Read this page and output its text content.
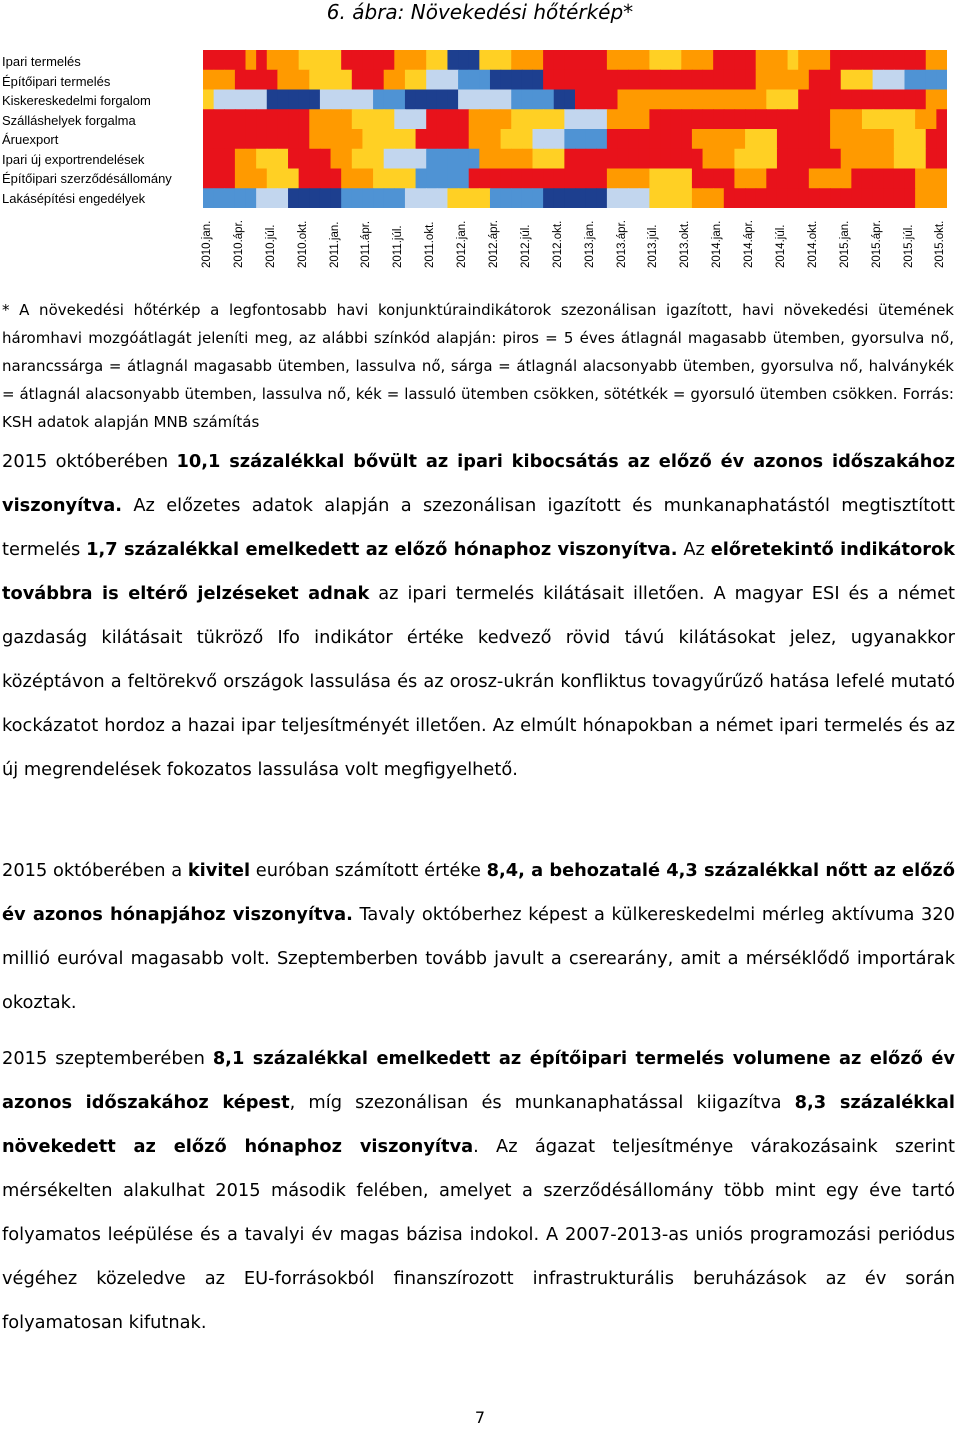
6. ábra: Növekedési hőtérkép*
Ipari termelés
Építőipari termelés
Kiskereskedelmi forgalom
Szálláshelyek forgalma
Áruexport
Ipari új exportrendelések
Építőipari szerződésállomány
Lakásépítési engedélyek
2010.jan. 2010.ápr. 2010.júl. 2010.okt. 2011.jan. 2011.ápr. 2011.júl. 2011.okt. 2012.jan. 2012.ápr. 2012.júl. 2012.okt. 2013.jan. 2013.ápr. 2013.júl. 2013.okt. 2014.jan. 2014.ápr. 2014.júl. 2014.okt. 2015.jan. 2015.ápr. 2015.júl. 2015.okt.
* A növekedési hőtérkép a legfontosabb havi konjunktúraindikátorok szezonálisan igazított, havi növekedési ütemének háromhavi mozgóátlagát jeleníti meg, az alábbi színkód alapján: piros = 5 éves átlagnál magasabb ütemben, gyorsulva nő, narancssárga = átlagnál magasabb ütemben, lassulva nő, sárga = átlagnál alacsonyabb ütemben, gyorsulva nő, halványkék = átlagnál alacsonyabb ütemben, lassulva nő, kék = lassuló ütemben csökken, sötétkék = gyorsuló ütemben csökken. Forrás: KSH adatok alapján MNB számítás
2015 októberében 10,1 százalékkal bővült az ipari kibocsátás az előző év azonos időszakához viszonyítva. Az előzetes adatok alapján a szezonálisan igazított és munkanaphatástól megtisztított termelés 1,7 százalékkal emelkedett az előző hónaphoz viszonyítva. Az előretekintő indikátorok továbbra is eltérő jelzéseket adnak az ipari termelés kilátásait illetően. A magyar ESI és a német gazdaság kilátásait tükröző Ifo indikátor értéke kedvező rövid távú kilátásokat jelez, ugyanakkor középtávon a feltörekvő országok lassulása és az orosz-ukrán konfliktus tovagyűrűző hatása lefelé mutató kockázatot hordoz a hazai ipar teljesítményét illetően. Az elmúlt hónapokban a német ipari termelés és az új megrendelések fokozatos lassulása volt megfigyelhető.
2015 októberében a kivitel euróban számított értéke 8,4, a behozatalé 4,3 százalékkal nőtt az előző év azonos hónapjához viszonyítva. Tavaly októberhez képest a külkereskedelmi mérleg aktívuma 320 millió euróval magasabb volt. Szeptemberben tovább javult a cserearány, amit a mérséklődő importárak okoztak.
2015 szeptemberében 8,1 százalékkal emelkedett az építőipari termelés volumene az előző év azonos időszakához képest, míg szezonálisan és munkanaphatással kiigazítva 8,3 százalékkal növekedett az előző hónaphoz viszonyítva. Az ágazat teljesítménye várakozásaink szerint mérsékelten alakulhat 2015 második felében, amelyet a szerződésállomány több mint egy éve tartó folyamatos leépülése és a tavalyi év magas bázisa indokol. A 2007-2013-as uniós programozási periódus végéhez közeledve az EU-forrásokból finanszírozott infrastrukturális beruházások az év során folyamatosan kifutnak.
7
